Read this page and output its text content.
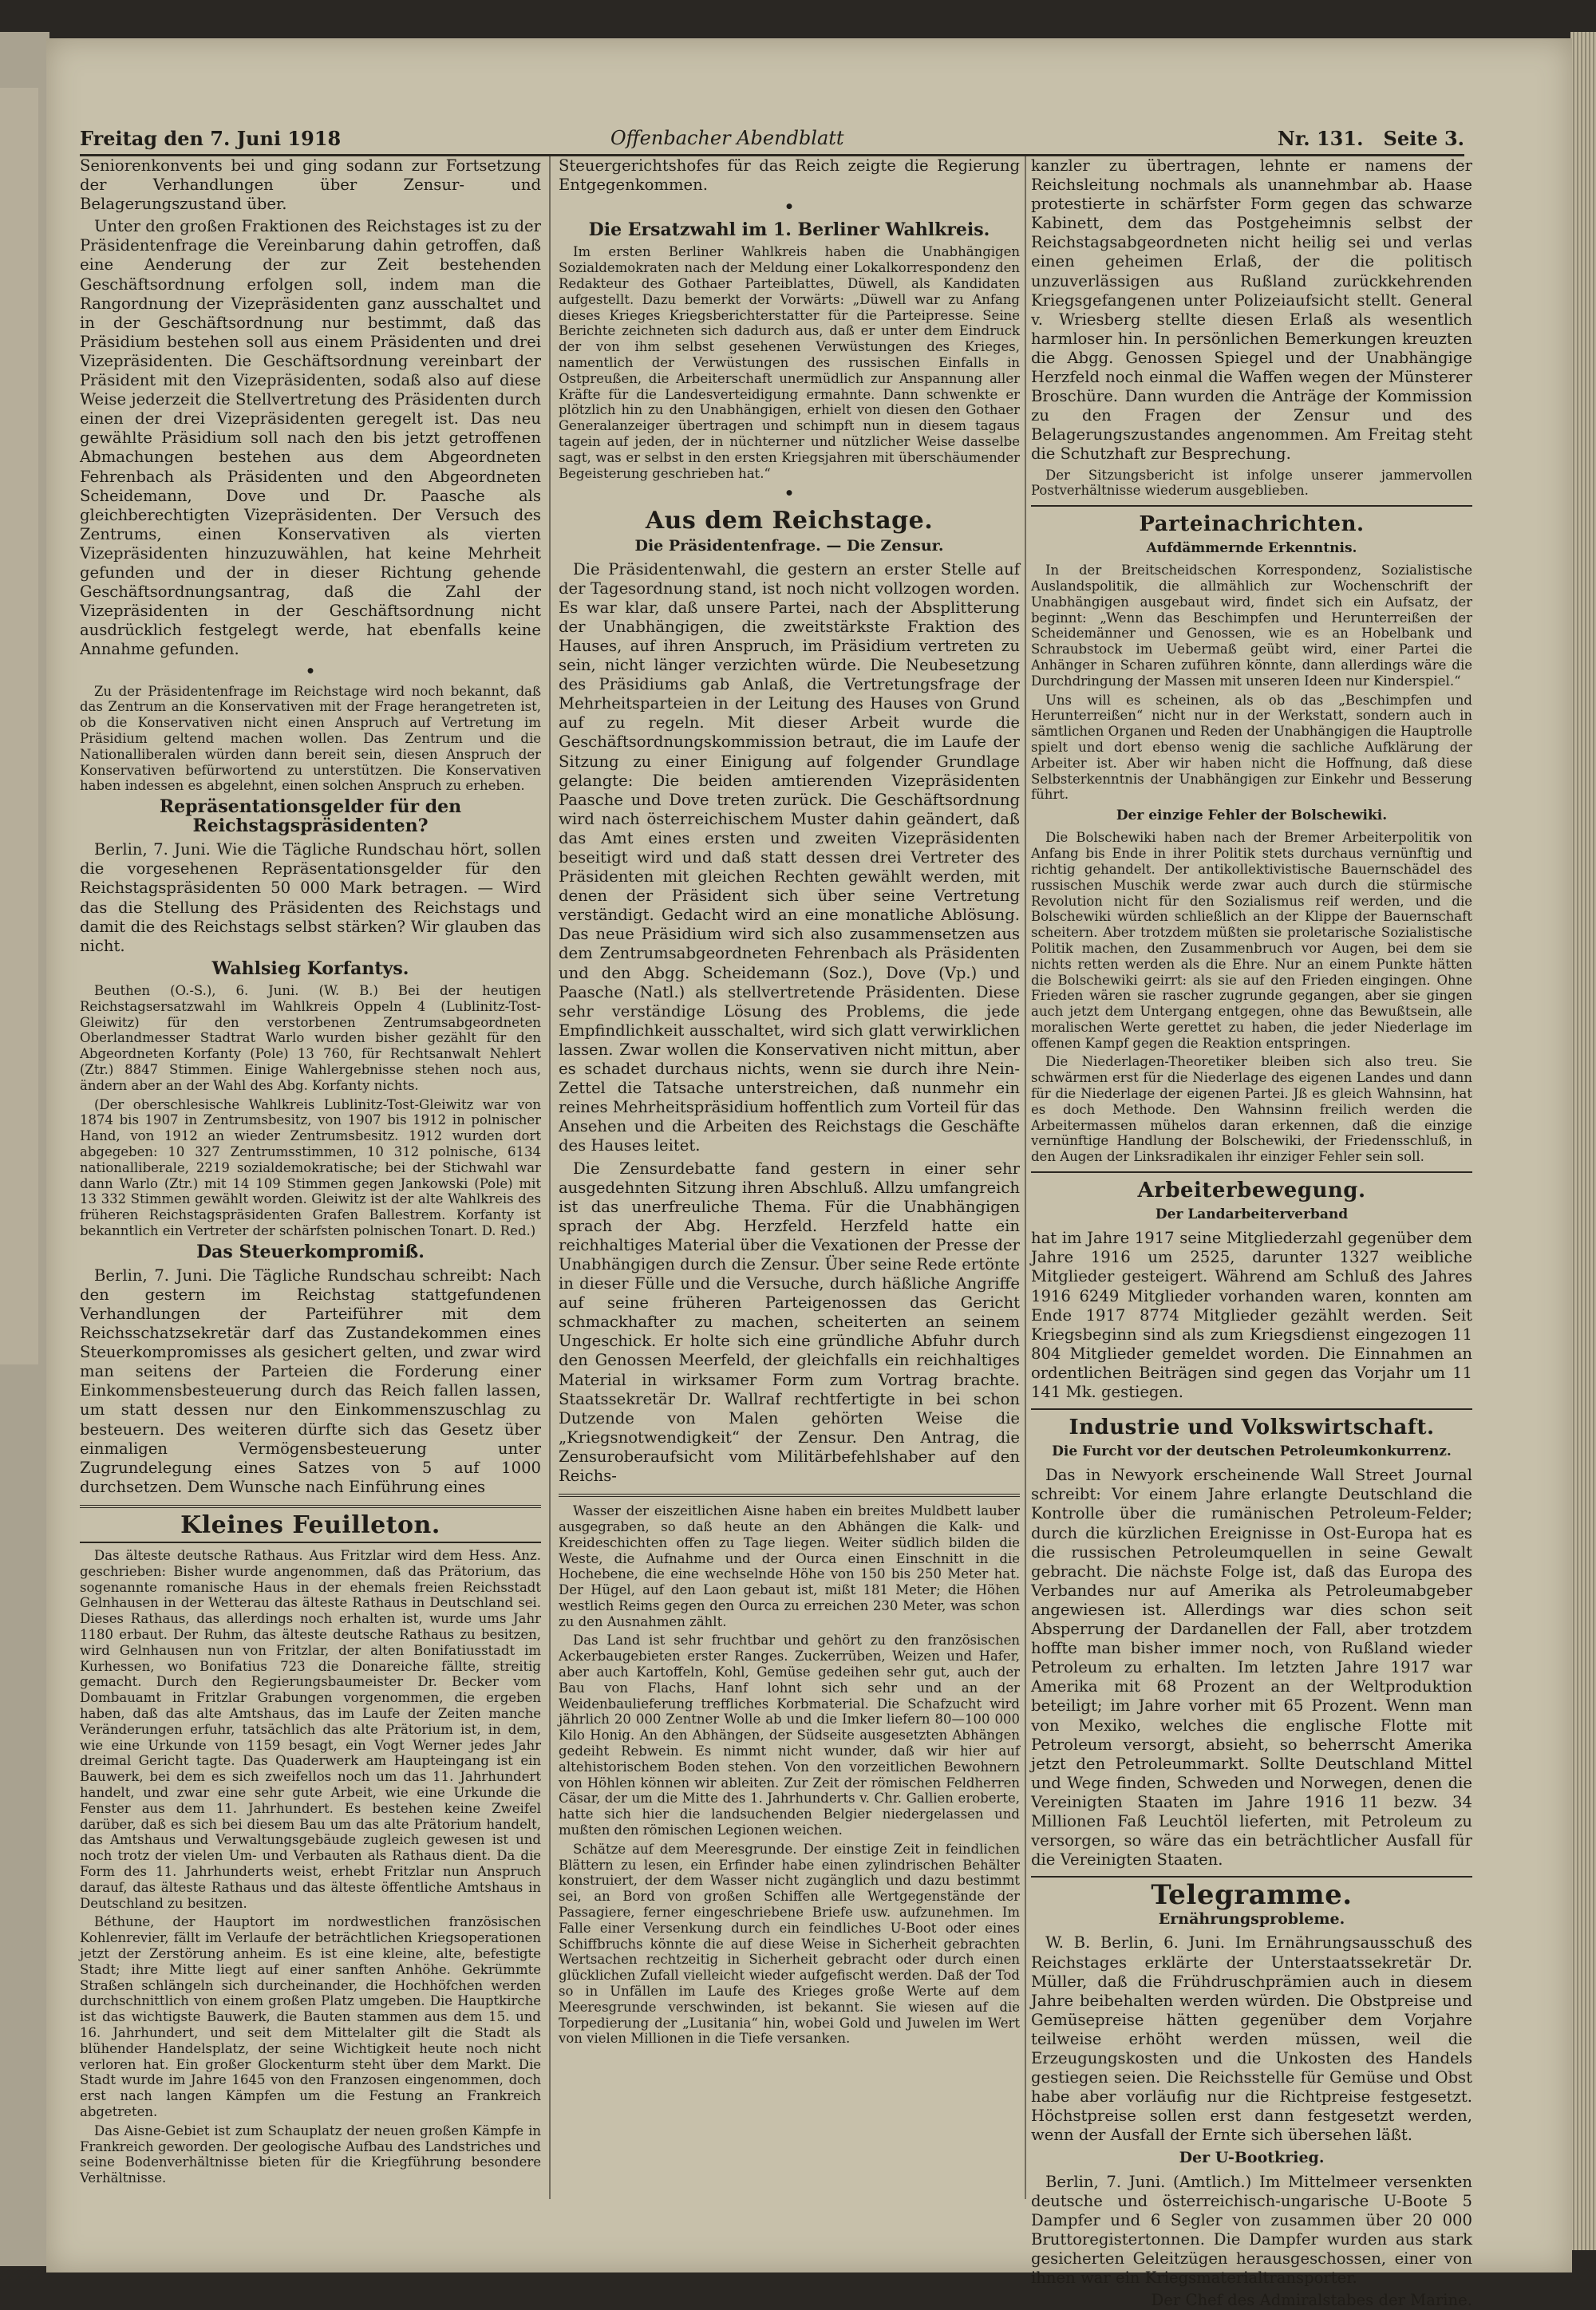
Freitag den 7. Juni 1918	Offenbacher Abendblatt	Nr. 131. Seite 3.

Seniorenkonvents bei und ging sodann zur Fortsetzung der Verhandlungen über Zensur- und Belagerungszustand über.

Unter den großen Fraktionen des Reichstages ist zu der Präsidentenfrage die Vereinbarung dahin getroffen, daß eine Aenderung der zur Zeit bestehenden Geschäftsordnung erfolgen soll, indem man die Rangordnung der Vizepräsidenten ganz ausschaltet und in der Geschäftsordnung nur bestimmt, daß das Präsidium bestehen soll aus einem Präsidenten und drei Vizepräsidenten. Die Geschäftsordnung vereinbart der Präsident mit den Vizepräsidenten, sodaß also auf diese Weise jederzeit die Stellvertretung des Präsidenten durch einen der drei Vizepräsidenten geregelt ist. Das neu gewählte Präsidium soll nach den bis jetzt getroffenen Abmachungen bestehen aus dem Abgeordneten Fehrenbach als Präsidenten und den Abgeordneten Scheidemann, Dove und Dr. Paasche als gleichberechtigten Vizepräsidenten. Der Versuch des Zentrums, einen Konservativen als vierten Vizepräsidenten hinzuzuwählen, hat keine Mehrheit gefunden und der in dieser Richtung gehende Geschäftsordnungsantrag, daß die Zahl der Vizepräsidenten in der Geschäftsordnung nicht ausdrücklich festgelegt werde, hat ebenfalls keine Annahme gefunden.

•

Zu der Präsidentenfrage im Reichstage wird noch bekannt, daß das Zentrum an die Konservativen mit der Frage herangetreten ist, ob die Konservativen nicht einen Anspruch auf Vertretung im Präsidium geltend machen wollen. Das Zentrum und die Nationalliberalen würden dann bereit sein, diesen Anspruch der Konservativen befürwortend zu unterstützen. Die Konservativen haben indessen es abgelehnt, einen solchen Anspruch zu erheben.

Repräsentationsgelder für den Reichstagspräsidenten?

Berlin, 7. Juni. Wie die Tägliche Rundschau hört, sollen die vorgesehenen Repräsentationsgelder für den Reichstagspräsidenten 50 000 Mark betragen. — Wird das die Stellung des Präsidenten des Reichstags und damit die des Reichstags selbst stärken? Wir glauben das nicht.

Wahlsieg Korfantys.

Beuthen (O.-S.), 6. Juni. (W. B.) Bei der heutigen Reichstagsersatzwahl im Wahlkreis Oppeln 4 (Lublinitz-Tost-Gleiwitz) für den verstorbenen Zentrumsabgeordneten Oberlandmesser Stadtrat Warlo wurden bisher gezählt für den Abgeordneten Korfanty (Pole) 13 760, für Rechtsanwalt Nehlert (Ztr.) 8847 Stimmen. Einige Wahlergebnisse stehen noch aus, ändern aber an der Wahl des Abg. Korfanty nichts.

(Der oberschlesische Wahlkreis Lublinitz-Tost-Gleiwitz war von 1874 bis 1907 in Zentrumsbesitz, von 1907 bis 1912 in polnischer Hand, von 1912 an wieder Zentrumsbesitz. 1912 wurden dort abgegeben: 10 327 Zentrumsstimmen, 10 312 polnische, 6134 nationalliberale, 2219 sozialdemokratische; bei der Stichwahl war dann Warlo (Ztr.) mit 14 109 Stimmen gegen Jankowski (Pole) mit 13 332 Stimmen gewählt worden. Gleiwitz ist der alte Wahlkreis des früheren Reichstagspräsidenten Grafen Ballestrem. Korfanty ist bekanntlich ein Vertreter der schärfsten polnischen Tonart. D. Red.)

Das Steuerkompromiß.

Berlin, 7. Juni. Die Tägliche Rundschau schreibt: Nach den gestern im Reichstag stattgefundenen Verhandlungen der Parteiführer mit dem Reichsschatzsekretär darf das Zustandekommen eines Steuerkompromisses als gesichert gelten, und zwar wird man seitens der Parteien die Forderung einer Einkommensbesteuerung durch das Reich fallen lassen, um statt dessen nur den Einkommenszuschlag zu besteuern. Des weiteren dürfte sich das Gesetz über einmaligen Vermögensbesteuerung unter Zugrundelegung eines Satzes von 5 auf 1000 durchsetzen. Dem Wunsche nach Einführung eines

Kleines Feuilleton.

Das älteste deutsche Rathaus. Aus Fritzlar wird dem Hess. Anz. geschrieben: Bisher wurde angenommen, daß das Prätorium, das sogenannte romanische Haus in der ehemals freien Reichsstadt Gelnhausen in der Wetterau das älteste Rathaus in Deutschland sei. Dieses Rathaus, das allerdings noch erhalten ist, wurde ums Jahr 1180 erbaut. Der Ruhm, das älteste deutsche Rathaus zu besitzen, wird Gelnhausen nun von Fritzlar, der alten Bonifatiusstadt im Kurhessen, wo Bonifatius 723 die Donareiche fällte, streitig gemacht. Durch den Regierungsbaumeister Dr. Becker vom Dombauamt in Fritzlar Grabungen vorgenommen, die ergeben haben, daß das alte Amtshaus, das im Laufe der Zeiten manche Veränderungen erfuhr, tatsächlich das alte Prätorium ist, in dem, wie eine Urkunde von 1159 besagt, ein Vogt Werner jedes Jahr dreimal Gericht tagte. Das Quaderwerk am Haupteingang ist ein Bauwerk, bei dem es sich zweifellos noch um das 11. Jahrhundert handelt, und zwar eine sehr gute Arbeit, wie eine Urkunde die Fenster aus dem 11. Jahrhundert. Es bestehen keine Zweifel darüber, daß es sich bei diesem Bau um das alte Prätorium handelt, das Amtshaus und Verwaltungsgebäude zugleich gewesen ist und noch trotz der vielen Um- und Verbauten als Rathaus dient. Da die Form des 11. Jahrhunderts weist, erhebt Fritzlar nun Anspruch darauf, das älteste Rathaus und das älteste öffentliche Amtshaus in Deutschland zu besitzen.

Béthune, der Hauptort im nordwestlichen französischen Kohlenrevier, fällt im Verlaufe der beträchtlichen Kriegsoperationen jetzt der Zerstörung anheim. Es ist eine kleine, alte, befestigte Stadt; ihre Mitte liegt auf einer sanften Anhöhe. Gekrümmte Straßen schlängeln sich durcheinander, die Hochhöfchen werden durchschnittlich von einem großen Platz umgeben. Die Hauptkirche ist das wichtigste Bauwerk, die Bauten stammen aus dem 15. und 16. Jahrhundert, und seit dem Mittelalter gilt die Stadt als blühender Handelsplatz, der seine Wichtigkeit heute noch nicht verloren hat. Ein großer Glockenturm steht über dem Markt. Die Stadt wurde im Jahre 1645 von den Franzosen eingenommen, doch erst nach langen Kämpfen um die Festung an Frankreich abgetreten.

Das Aisne-Gebiet ist zum Schauplatz der neuen großen Kämpfe in Frankreich geworden. Der geologische Aufbau des Landstriches und seine Bodenverhältnisse bieten für die Kriegführung besondere Verhältnisse.

Steuergerichtshofes für das Reich zeigte die Regierung Entgegenkommen.

•
Die Ersatzwahl im 1. Berliner Wahlkreis.

Im ersten Berliner Wahlkreis haben die Unabhängigen Sozialdemokraten nach der Meldung einer Lokalkorrespondenz den Redakteur des Gothaer Parteiblattes, Düwell, als Kandidaten aufgestellt. Dazu bemerkt der Vorwärts: „Düwell war zu Anfang dieses Krieges Kriegsberichterstatter für die Parteipresse. Seine Berichte zeichneten sich dadurch aus, daß er unter dem Eindruck der von ihm selbst gesehenen Verwüstungen des Krieges, namentlich der Verwüstungen des russischen Einfalls in Ostpreußen, die Arbeiterschaft unermüdlich zur Anspannung aller Kräfte für die Landesverteidigung ermahnte. Dann schwenkte er plötzlich hin zu den Unabhängigen, erhielt von diesen den Gothaer Generalanzeiger übertragen und schimpft nun in diesem tagaus tagein auf jeden, der in nüchterner und nützlicher Weise dasselbe sagt, was er selbst in den ersten Kriegsjahren mit überschäumender Begeisterung geschrieben hat.“

•
Aus dem Reichstage.
Die Präsidentenfrage. — Die Zensur.

Die Präsidentenwahl, die gestern an erster Stelle auf der Tagesordnung stand, ist noch nicht vollzogen worden. Es war klar, daß unsere Partei, nach der Absplitterung der Unabhängigen, die zweitstärkste Fraktion des Hauses, auf ihren Anspruch, im Präsidium vertreten zu sein, nicht länger verzichten würde. Die Neubesetzung des Präsidiums gab Anlaß, die Vertretungsfrage der Mehrheitsparteien in der Leitung des Hauses von Grund auf zu regeln. Mit dieser Arbeit wurde die Geschäftsordnungskommission betraut, die im Laufe der Sitzung zu einer Einigung auf folgender Grundlage gelangte: Die beiden amtierenden Vizepräsidenten Paasche und Dove treten zurück. Die Geschäftsordnung wird nach österreichischem Muster dahin geändert, daß das Amt eines ersten und zweiten Vizepräsidenten beseitigt wird und daß statt dessen drei Vertreter des Präsidenten mit gleichen Rechten gewählt werden, mit denen der Präsident sich über seine Vertretung verständigt. Gedacht wird an eine monatliche Ablösung. Das neue Präsidium wird sich also zusammensetzen aus dem Zentrumsabgeordneten Fehrenbach als Präsidenten und den Abgg. Scheidemann (Soz.), Dove (Vp.) und Paasche (Natl.) als stellvertretende Präsidenten. Diese sehr verständige Lösung des Problems, die jede Empfindlichkeit ausschaltet, wird sich glatt verwirklichen lassen. Zwar wollen die Konservativen nicht mittun, aber es schadet durchaus nichts, wenn sie durch ihre Nein-Zettel die Tatsache unterstreichen, daß nunmehr ein reines Mehrheitspräsidium hoffentlich zum Vorteil für das Ansehen und die Arbeiten des Reichstags die Geschäfte des Hauses leitet.

Die Zensurdebatte fand gestern in einer sehr ausgedehnten Sitzung ihren Abschluß. Allzu umfangreich ist das unerfreuliche Thema. Für die Unabhängigen sprach der Abg. Herzfeld. Herzfeld hatte ein reichhaltiges Material über die Vexationen der Presse der Unabhängigen durch die Zensur. Über seine Rede ertönte in dieser Fülle und die Versuche, durch häßliche Angriffe auf seine früheren Parteigenossen das Gericht schmackhafter zu machen, scheiterten an seinem Ungeschick. Er holte sich eine gründliche Abfuhr durch den Genossen Meerfeld, der gleichfalls ein reichhaltiges Material in wirksamer Form zum Vortrag brachte. Staatssekretär Dr. Wallraf rechtfertigte in bei schon Dutzende von Malen gehörten Weise die „Kriegsnotwendigkeit“ der Zensur. Den Antrag, die Zensuroberaufsicht vom Militärbefehlshaber auf den Reichs-

Wasser der eiszeitlichen Aisne haben ein breites Muldbett lauber ausgegraben, so daß heute an den Abhängen die Kalk- und Kreideschichten offen zu Tage liegen. Weiter südlich bilden die Weste, die Aufnahme und der Ourca einen Einschnitt in die Hochebene, die eine wechselnde Höhe von 150 bis 250 Meter hat. Der Hügel, auf den Laon gebaut ist, mißt 181 Meter; die Höhen westlich Reims gegen den Ourca zu erreichen 230 Meter, was schon zu den Ausnahmen zählt.

Das Land ist sehr fruchtbar und gehört zu den französischen Ackerbaugebieten erster Ranges. Zuckerrüben, Weizen und Hafer, aber auch Kartoffeln, Kohl, Gemüse gedeihen sehr gut, auch der Bau von Flachs, Hanf lohnt sich sehr und an der Weidenbaulieferung treffliches Korbmaterial. Die Schafzucht wird jährlich 20 000 Zentner Wolle ab und die Imker liefern 80—100 000 Kilo Honig. An den Abhängen, der Südseite ausgesetzten Abhängen gedeiht Rebwein. Es nimmt nicht wunder, daß wir hier auf altehistorischem Boden stehen. Von den vorzeitlichen Bewohnern von Höhlen können wir ableiten. Zur Zeit der römischen Feldherren Cäsar, der um die Mitte des 1. Jahrhunderts v. Chr. Gallien eroberte, hatte sich hier die landsuchenden Belgier niedergelassen und mußten den römischen Legionen weichen.

Schätze auf dem Meeresgrunde. Der einstige Zeit in feindlichen Blättern zu lesen, ein Erfinder habe einen zylindrischen Behälter konstruiert, der dem Wasser nicht zugänglich und dazu bestimmt sei, an Bord von großen Schiffen alle Wertgegenstände der Passagiere, ferner eingeschriebene Briefe usw. aufzunehmen. Im Falle einer Versenkung durch ein feindliches U-Boot oder eines Schiffbruchs könnte die auf diese Weise in Sicherheit gebrachten Wertsachen rechtzeitig in Sicherheit gebracht oder durch einen glücklichen Zufall vielleicht wieder aufgefischt werden. Daß der Tod so in Unfällen im Laufe des Krieges große Werte auf dem Meeresgrunde verschwinden, ist bekannt. Sie wiesen auf die Torpedierung der „Lusitania“ hin, wobei Gold und Juwelen im Wert von vielen Millionen in die Tiefe versanken.

kanzler zu übertragen, lehnte er namens der Reichsleitung nochmals als unannehmbar ab. Haase protestierte in schärfster Form gegen das schwarze Kabinett, dem das Postgeheimnis selbst der Reichstagsabgeordneten nicht heilig sei und verlas einen geheimen Erlaß, der die politisch unzuverlässigen aus Rußland zurückkehrenden Kriegsgefangenen unter Polizeiaufsicht stellt. General v. Wriesberg stellte diesen Erlaß als wesentlich harmloser hin. In persönlichen Bemerkungen kreuzten die Abgg. Genossen Spiegel und der Unabhängige Herzfeld noch einmal die Waffen wegen der Münsterer Broschüre. Dann wurden die Anträge der Kommission zu den Fragen der Zensur und des Belagerungszustandes angenommen. Am Freitag steht die Schutzhaft zur Besprechung.

Der Sitzungsbericht ist infolge unserer jammervollen Postverhältnisse wiederum ausgeblieben.

Parteinachrichten.
Aufdämmernde Erkenntnis.

In der Breitscheidschen Korrespondenz, Sozialistische Auslandspolitik, die allmählich zur Wochenschrift der Unabhängigen ausgebaut wird, findet sich ein Aufsatz, der beginnt: „Wenn das Beschimpfen und Herunterreißen der Scheidemänner und Genossen, wie es an Hobelbank und Schraubstock im Uebermaß geübt wird, einer Partei die Anhänger in Scharen zuführen könnte, dann allerdings wäre die Durchdringung der Massen mit unseren Ideen nur Kinderspiel.“

Uns will es scheinen, als ob das „Beschimpfen und Herunterreißen“ nicht nur in der Werkstatt, sondern auch in sämtlichen Organen und Reden der Unabhängigen die Hauptrolle spielt und dort ebenso wenig die sachliche Aufklärung der Arbeiter ist. Aber wir haben nicht die Hoffnung, daß diese Selbsterkenntnis der Unabhängigen zur Einkehr und Besserung führt.

Der einzige Fehler der Bolschewiki.

Die Bolschewiki haben nach der Bremer Arbeiterpolitik von Anfang bis Ende in ihrer Politik stets durchaus vernünftig und richtig gehandelt. Der antikollektivistische Bauernschädel des russischen Muschik werde zwar auch durch die stürmische Revolution nicht für den Sozialismus reif werden, und die Bolschewiki würden schließlich an der Klippe der Bauernschaft scheitern. Aber trotzdem müßten sie proletarische Sozialistische Politik machen, den Zusammenbruch vor Augen, bei dem sie nichts retten werden als die Ehre. Nur an einem Punkte hätten die Bolschewiki geirrt: als sie auf den Frieden eingingen. Ohne Frieden wären sie rascher zugrunde gegangen, aber sie gingen auch jetzt dem Untergang entgegen, ohne das Bewußtsein, alle moralischen Werte gerettet zu haben, die jeder Niederlage im offenen Kampf gegen die Reaktion entspringen.

Die Niederlagen-Theoretiker bleiben sich also treu. Sie schwärmen erst für die Niederlage des eigenen Landes und dann für die Niederlage der eigenen Partei. Jß es gleich Wahnsinn, hat es doch Methode. Den Wahnsinn freilich werden die Arbeitermassen mühelos daran erkennen, daß die einzige vernünftige Handlung der Bolschewiki, der Friedensschluß, in den Augen der Linksradikalen ihr einziger Fehler sein soll.

Arbeiterbewegung.
Der Landarbeiterverband

hat im Jahre 1917 seine Mitgliederzahl gegenüber dem Jahre 1916 um 2525, darunter 1327 weibliche Mitglieder gesteigert. Während am Schluß des Jahres 1916 6249 Mitglieder vorhanden waren, konnten am Ende 1917 8774 Mitglieder gezählt werden. Seit Kriegsbeginn sind als zum Kriegsdienst eingezogen 11 804 Mitglieder gemeldet worden. Die Einnahmen an ordentlichen Beiträgen sind gegen das Vorjahr um 11 141 Mk. gestiegen.

Industrie und Volkswirtschaft.
Die Furcht vor der deutschen Petroleumkonkurrenz.

Das in Newyork erscheinende Wall Street Journal schreibt: Vor einem Jahre erlangte Deutschland die Kontrolle über die rumänischen Petroleum-Felder; durch die kürzlichen Ereignisse in Ost-Europa hat es die russischen Petroleumquellen in seine Gewalt gebracht. Die nächste Folge ist, daß das Europa des Verbandes nur auf Amerika als Petroleumabgeber angewiesen ist. Allerdings war dies schon seit Absperrung der Dardanellen der Fall, aber trotzdem hoffte man bisher immer noch, von Rußland wieder Petroleum zu erhalten. Im letzten Jahre 1917 war Amerika mit 68 Prozent an der Weltproduktion beteiligt; im Jahre vorher mit 65 Prozent. Wenn man von Mexiko, welches die englische Flotte mit Petroleum versorgt, absieht, so beherrscht Amerika jetzt den Petroleummarkt. Sollte Deutschland Mittel und Wege finden, Schweden und Norwegen, denen die Vereinigten Staaten im Jahre 1916 11 bezw. 34 Millionen Faß Leuchtöl lieferten, mit Petroleum zu versorgen, so wäre das ein beträchtlicher Ausfall für die Vereinigten Staaten.

Telegramme.
Ernährungsprobleme.

W. B. Berlin, 6. Juni. Im Ernährungsausschuß des Reichstages erklärte der Unterstaatssekretär Dr. Müller, daß die Frühdruschprämien auch in diesem Jahre beibehalten werden würden. Die Obstpreise und Gemüsepreise hätten gegenüber dem Vorjahre teilweise erhöht werden müssen, weil die Erzeugungskosten und die Unkosten des Handels gestiegen seien. Die Reichsstelle für Gemüse und Obst habe aber vorläufig nur die Richtpreise festgesetzt. Höchstpreise sollen erst dann festgesetzt werden, wenn der Ausfall der Ernte sich übersehen läßt.

Der U-Bootkrieg.

Berlin, 7. Juni. (Amtlich.) Im Mittelmeer versenkten deutsche und österreichisch-ungarische U-Boote 5 Dampfer und 6 Segler von zusammen über 20 000 Bruttoregistertonnen. Die Dampfer wurden aus stark gesicherten Geleitzügen herausgeschossen, einer von ihnen war ein Kriegsmaterialtransporter.

Der Chef des Admiralstabes der Marine.
